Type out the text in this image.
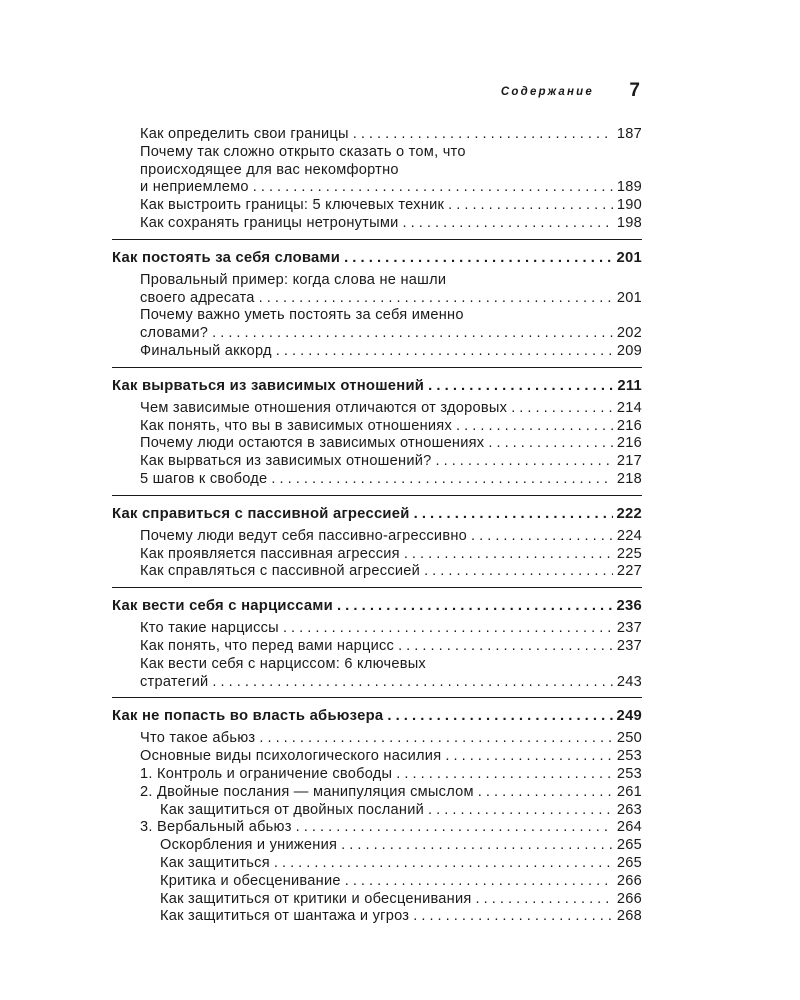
Содержание 7
Как определить свои границы . . .	187
Почему так сложно открыто сказать о том, что
происходящее для вас некомфортно
и неприемлемо . . .	189
Как выстроить границы: 5 ключевых техник . . .	190
Как сохранять границы нетронутыми . . .	198
Как постоять за себя словами . . .	201
Провальный пример: когда слова не нашли
своего адресата . . .	201
Почему важно уметь постоять за себя именно
словами? . . .	202
Финальный аккорд . . .	209
Как вырваться из зависимых отношений . . .	211
Чем зависимые отношения отличаются от здоровых . . .	214
Как понять, что вы в зависимых отношениях . . .	216
Почему люди остаются в зависимых отношениях . . .	216
Как вырваться из зависимых отношений? . . .	217
5 шагов к свободе . . .	218
Как справиться с пассивной агрессией . . .	222
Почему люди ведут себя пассивно-агрессивно . . .	224
Как проявляется пассивная агрессия . . .	225
Как справляться с пассивной агрессией . . .	227
Как вести себя с нарциссами . . .	236
Кто такие нарциссы . . .	237
Как понять, что перед вами нарцисс . . .	237
Как вести себя с нарциссом: 6 ключевых
стратегий . . .	243
Как не попасть во власть абьюзера . . .	249
Что такое абьюз . . .	250
Основные виды психологического насилия . . .	253
1. Контроль и ограничение свободы . . .	253
2. Двойные послания — манипуляция смыслом . . .	261
Как защититься от двойных посланий . . .	263
3. Вербальный абьюз . . .	264
Оскорбления и унижения . . .	265
Как защититься . . .	265
Критика и обесценивание . . .	266
Как защититься от критики и обесценивания . . .	266
Как защититься от шантажа и угроз . . .	268
